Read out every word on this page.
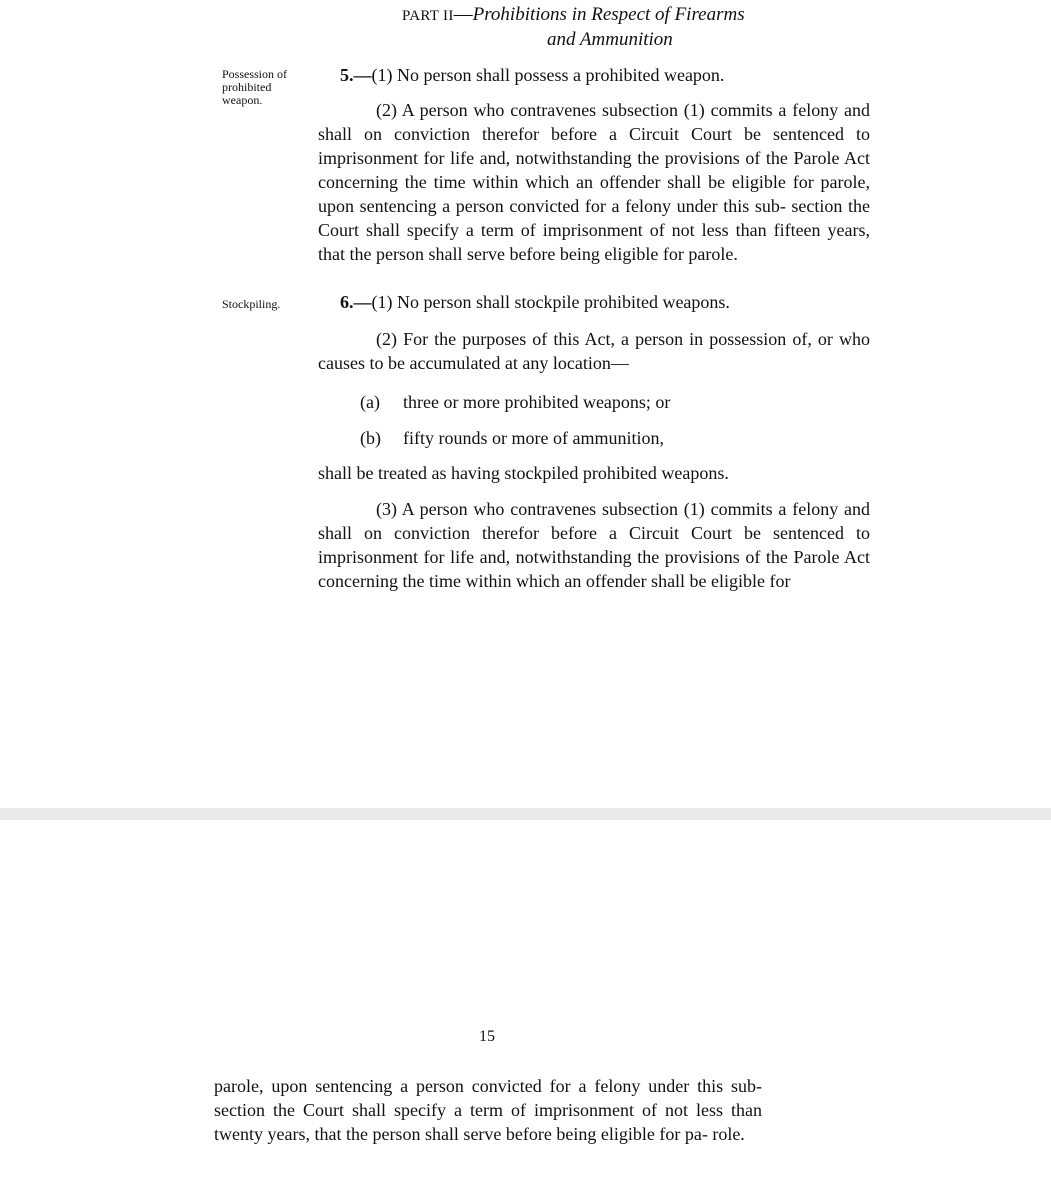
PART II—Prohibitions in Respect of Firearms
and Ammunition
Possession of
prohibited
weapon.
5.—(1) No person shall possess a prohibited weapon.
(2) A person who contravenes subsection (1) commits a felony and shall on conviction therefor before a Circuit Court be sentenced to imprisonment for life and, notwithstanding the provisions of the Parole Act concerning the time within which an offender shall be eligible for parole, upon sentencing a person convicted for a felony under this sub- section the Court shall specify a term of imprisonment of not less than fifteen years, that the person shall serve before being eligible for parole.
Stockpiling.	6.—(1) No person shall stockpile prohibited weapons.
(2) For the purposes of this Act, a person in possession of, or who causes to be accumulated at any location—
(a) three or more prohibited weapons; or
(b) fifty rounds or more of ammunition,
shall be treated as having stockpiled prohibited weapons.
(3) A person who contravenes subsection (1) commits a felony and shall on conviction therefor before a Circuit Court be sentenced to imprisonment for life and, notwithstanding the provisions of the Parole Act concerning the time within which an offender shall be eligible for
15
parole, upon sentencing a person convicted for a felony under this sub- section the Court shall specify a term of imprisonment of not less than twenty years, that the person shall serve before being eligible for pa- role.
